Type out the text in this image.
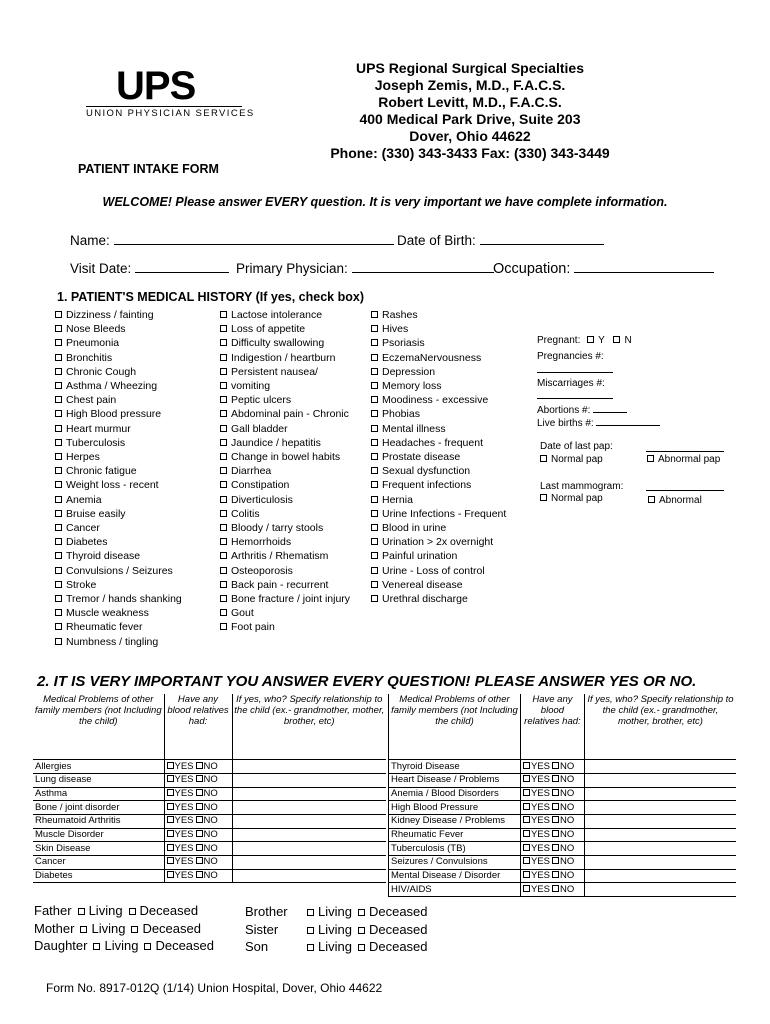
UPS
UNION PHYSICIAN SERVICES
UPS Regional Surgical Specialties
Joseph Zemis, M.D., F.A.C.S.
Robert Levitt, M.D., F.A.C.S.
400 Medical Park Drive, Suite 203
Dover, Ohio 44622
Phone: (330) 343-3433 Fax: (330) 343-3449
PATIENT INTAKE FORM
WELCOME! Please answer EVERY question. It is very important we have complete information.
Name:	Date of Birth:
Visit Date:	Primary Physician:	Occupation:
1. PATIENT'S MEDICAL HISTORY (If yes, check box)
Dizziness / fainting
Nose Bleeds
Pneumonia
Bronchitis
Chronic Cough
Asthma / Wheezing
Chest pain
High Blood pressure
Heart murmur
Tuberculosis
Herpes
Chronic fatigue
Weight loss - recent
Anemia
Bruise easily
Cancer
Diabetes
Thyroid disease
Convulsions / Seizures
Stroke
Tremor / hands shanking
Muscle weakness
Rheumatic fever
Numbness / tingling
Lactose intolerance
Loss of appetite
Difficulty swallowing
Indigestion / heartburn
Persistent nausea/
vomiting
Peptic ulcers
Abdominal pain - Chronic
Gall bladder
Jaundice / hepatitis
Change in bowel habits
Diarrhea
Constipation
Diverticulosis
Colitis
Bloody / tarry stools
Hemorrhoids
Arthritis / Rhematism
Osteoporosis
Back pain - recurrent
Bone fracture / joint injury
Gout
Foot pain
Rashes
Hives
Psoriasis
EczemaNervousness
Depression
Memory loss
Moodiness - excessive
Phobias
Mental illness
Headaches - frequent
Prostate disease
Sexual dysfunction
Frequent infections
Hernia
Urine Infections - Frequent
Blood in urine
Urination > 2x overnight
Painful urination
Urine - Loss of control
Venereal disease
Urethral discharge
Pregnant: Y N
Pregnancies #:
Miscarriages #:
Abortions #:
Live births #:
Date of last pap:
Normal pap	Abnormal pap
Last mammogram:
Normal pap	Abnormal
2. IT IS VERY IMPORTANT YOU ANSWER EVERY QUESTION! PLEASE ANSWER YES OR NO.
Medical Problems of other family members (not Including the child)	Have any blood relatives had:	If yes, who? Specify relationship to the child (ex.- grandmother, mother, brother, etc)

Allergies	YES NO	
Lung disease	YES NO	
Asthma	YES NO	
Bone / joint disorder	YES NO	
Rheumatoid Arthritis	YES NO	
Muscle Disorder	YES NO	
Skin Disease	YES NO	
Cancer	YES NO	
Diabetes	YES NO	
Medical Problems of other family members (not Including the child)	Have any blood relatives had:	If yes, who? Specify relationship to the child (ex.- grandmother, mother, brother, etc)

Thyroid Disease	YES NO	
Heart Disease / Problems	YES NO	
Anemia / Blood Disorders	YES NO	
High Blood Pressure	YES NO	
Kidney Disease / Problems	YES NO	
Rheumatic Fever	YES NO	
Tuberculosis (TB)	YES NO	
Seizures / Convulsions	YES NO	
Mental Disease / Disorder	YES NO	
HIV/AIDS	YES NO	
Father Living Deceased
Mother Living Deceased
Daughter Living Deceased
Brother Living Deceased
Sister	Living Deceased
Son	Living Deceased
Form No. 8917-012Q (1/14) Union Hospital, Dover, Ohio 44622
